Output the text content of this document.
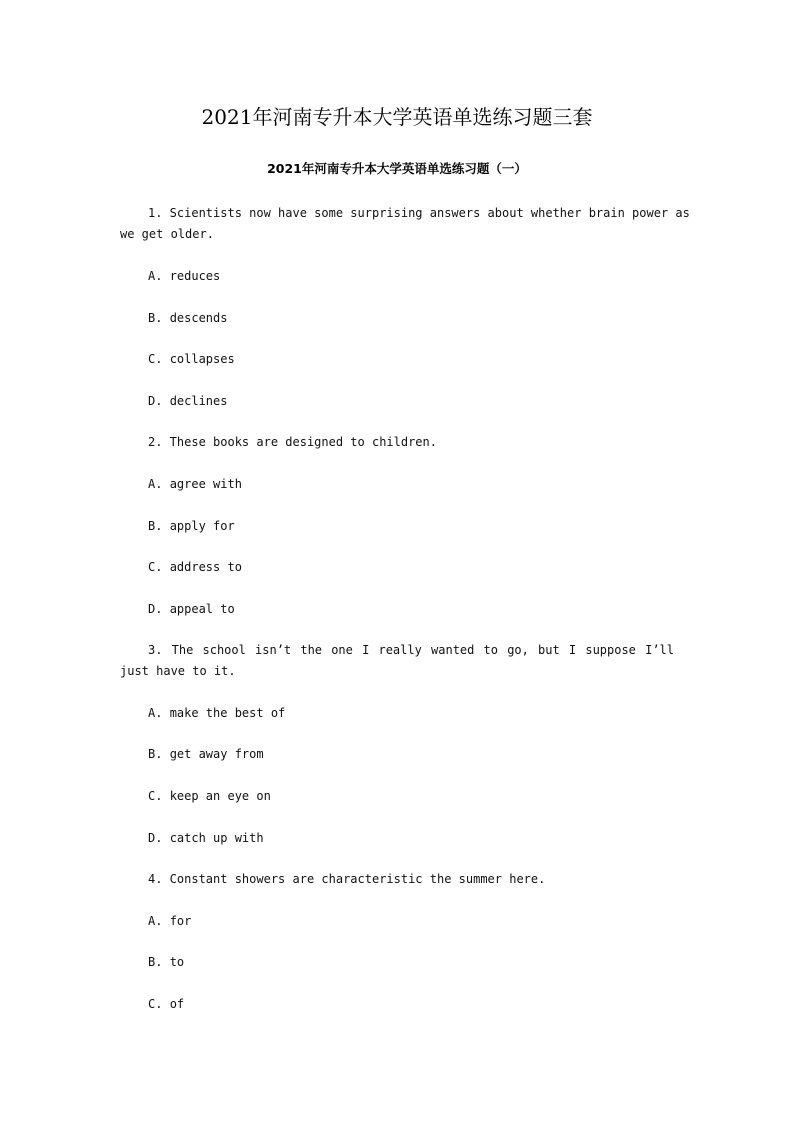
2021年河南专升本大学英语单选练习题三套
2021年河南专升本大学英语单选练习题（一）
1. Scientists now have some surprising answers about whether brain power as
we get older.
A. reduces
B. descends
C. collapses
D. declines
2. These books are designed to children.
A. agree with
B. apply for
C. address to
D. appeal to
3. The school isn’t the one I really wanted to go, but I suppose I’ll
just have to it.
A. make the best of
B. get away from
C. keep an eye on
D. catch up with
4. Constant showers are characteristic the summer here.
A. for
B. to
C. of
